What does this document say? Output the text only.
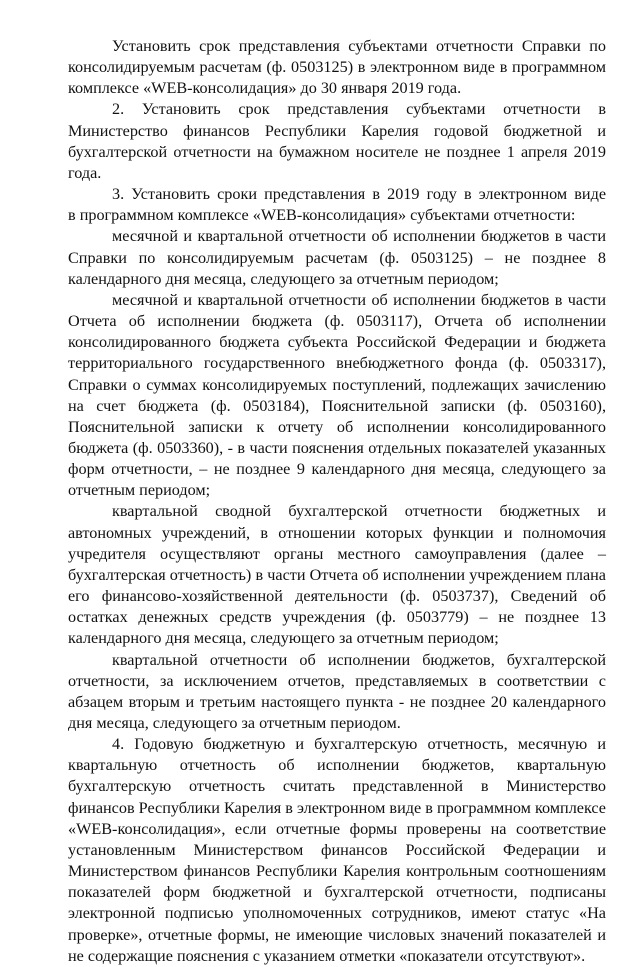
Установить срок представления субъектами отчетности Справки по
консолидируемым расчетам (ф. 0503125) в электронном виде в программном
комплексе «WEB-консолидация» до 30 января 2019 года.
2. Установить срок представления субъектами отчетности в
Министерство финансов Республики Карелия годовой бюджетной и
бухгалтерской отчетности на бумажном носителе не позднее 1 апреля 2019
года.
3. Установить сроки представления в 2019 году в электронном виде
в программном комплексе «WEB-консолидация» субъектами отчетности:
месячной и квартальной отчетности об исполнении бюджетов в части
Справки по консолидируемым расчетам (ф. 0503125) – не позднее 8
календарного дня месяца, следующего за отчетным периодом;
месячной и квартальной отчетности об исполнении бюджетов в части
Отчета об исполнении бюджета (ф. 0503117), Отчета об исполнении
консолидированного бюджета субъекта Российской Федерации и бюджета
территориального государственного внебюджетного фонда (ф. 0503317),
Справки о суммах консолидируемых поступлений, подлежащих зачислению
на счет бюджета (ф. 0503184), Пояснительной записки (ф. 0503160),
Пояснительной записки к отчету об исполнении консолидированного
бюджета (ф. 0503360), - в части пояснения отдельных показателей указанных
форм отчетности, – не позднее 9 календарного дня месяца, следующего за
отчетным периодом;
квартальной сводной бухгалтерской отчетности бюджетных и
автономных учреждений, в отношении которых функции и полномочия
учредителя осуществляют органы местного самоуправления (далее –
бухгалтерская отчетность) в части Отчета об исполнении учреждением плана
его финансово-хозяйственной деятельности (ф. 0503737), Сведений об
остатках денежных средств учреждения (ф. 0503779) – не позднее 13
календарного дня месяца, следующего за отчетным периодом;
квартальной отчетности об исполнении бюджетов, бухгалтерской
отчетности, за исключением отчетов, представляемых в соответствии с
абзацем вторым и третьим настоящего пункта - не позднее 20 календарного
дня месяца, следующего за отчетным периодом.
4. Годовую бюджетную и бухгалтерскую отчетность, месячную и
квартальную отчетность об исполнении бюджетов, квартальную
бухгалтерскую отчетность считать представленной в Министерство
финансов Республики Карелия в электронном виде в программном комплексе
«WEB-консолидация», если отчетные формы проверены на соответствие
установленным Министерством финансов Российской Федерации и
Министерством финансов Республики Карелия контрольным соотношениям
показателей форм бюджетной и бухгалтерской отчетности, подписаны
электронной подписью уполномоченных сотрудников, имеют статус «На
проверке», отчетные формы, не имеющие числовых значений показателей и
не содержащие пояснения с указанием отметки «показатели отсутствуют».
